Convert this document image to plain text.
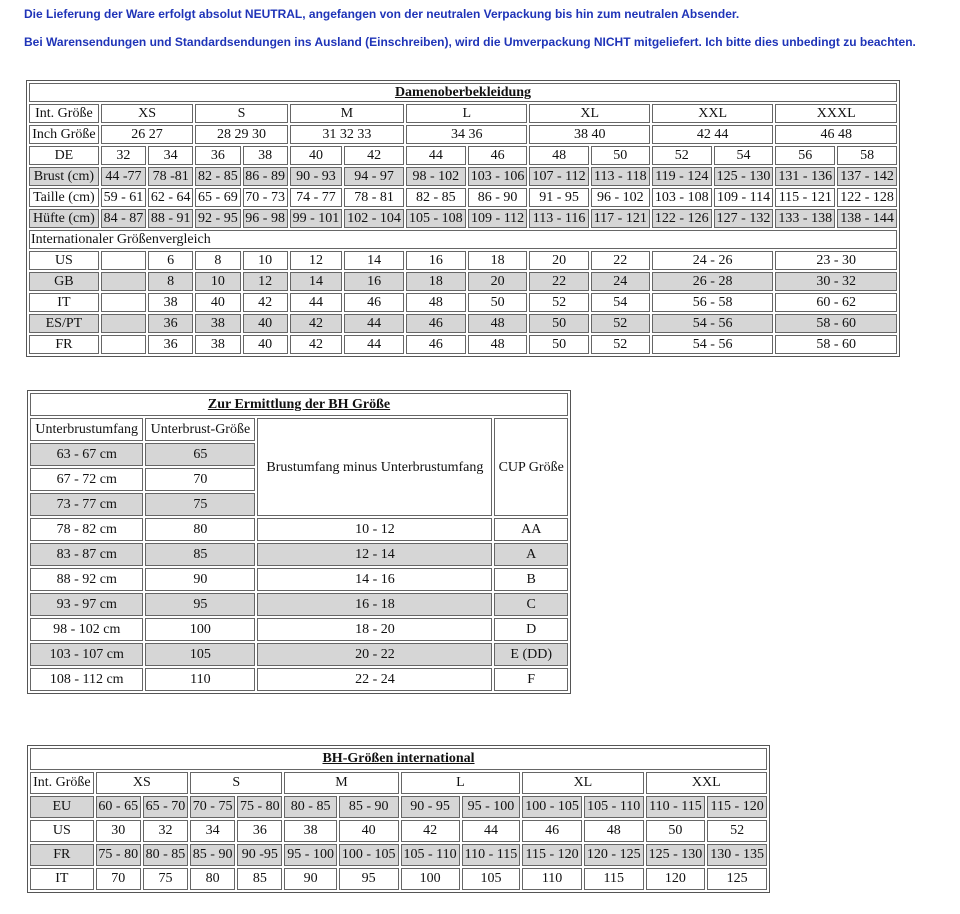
Die Lieferung der Ware erfolgt absolut NEUTRAL, angefangen von der neutralen Verpackung bis hin zum neutralen Absender.
Bei Warensendungen und Standardsendungen ins Ausland (Einschreiben), wird die Umverpackung NICHT mitgeliefert. Ich bitte dies unbedingt zu beachten.
Damenoberbekleidung														
Int. Größe	XS		S		M		L		XL		XXL		XXXL	
Inch Größe	26 27		28 29 30		31 32 33		34 36		38 40		42 44		46 48	
DE	32	34	36	38	40	42	44	46	48	50	52	54	56	58
Brust (cm)	44 -77	78 -81	82 - 85	86 - 89	90 - 93	94 - 97	98 - 102	103 - 106	107 - 112	113 - 118	119 - 124	125 - 130	131 - 136	137 - 142
Taille (cm)	59 - 61	62 - 64	65 - 69	70 - 73	74 - 77	78 - 81	82 - 85	86 - 90	91 - 95	96 - 102	103 - 108	109 - 114	115 - 121	122 - 128
Hüfte (cm)	84 - 87	88 - 91	92 - 95	96 - 98	99 - 101	102 - 104	105 - 108	109 - 112	113 - 116	117 - 121	122 - 126	127 - 132	133 - 138	138 - 144
Internationaler Größenvergleich														
US		6	8	10	12	14	16	18	20	22	24 - 26		23 - 30	
GB		8	10	12	14	16	18	20	22	24	26 - 28		30 - 32	
IT		38	40	42	44	46	48	50	52	54	56 - 58		60 - 62	
ES/PT		36	38	40	42	44	46	48	50	52	54 - 56		58 - 60	
FR		36	38	40	42	44	46	48	50	52	54 - 56		58 - 60	
Zur Ermittlung der BH Größe			
Unterbrustumfang	Unterbrust-Größe	Brustumfang minus Unterbrustumfang	CUP Größe
63 - 67 cm	65		
67 - 72 cm	70		
73 - 77 cm	75		
78 - 82 cm	80	10 - 12	AA
83 - 87 cm	85	12 - 14	A
88 - 92 cm	90	14 - 16	B
93 - 97 cm	95	16 - 18	C
98 - 102 cm	100	18 - 20	D
103 - 107 cm	105	20 - 22	E (DD)
108 - 112 cm	110	22 - 24	F
BH-Größen international												
Int. Größe	XS		S		M		L		XL		XXL	
EU	60 - 65	65 - 70	70 - 75	75 - 80	80 - 85	85 - 90	90 - 95	95 - 100	100 - 105	105 - 110	110 - 115	115 - 120
US	30	32	34	36	38	40	42	44	46	48	50	52
FR	75 - 80	80 - 85	85 - 90	90 -95	95 - 100	100 - 105	105 - 110	110 - 115	115 - 120	120 - 125	125 - 130	130 - 135
IT	70	75	80	85	90	95	100	105	110	115	120	125
